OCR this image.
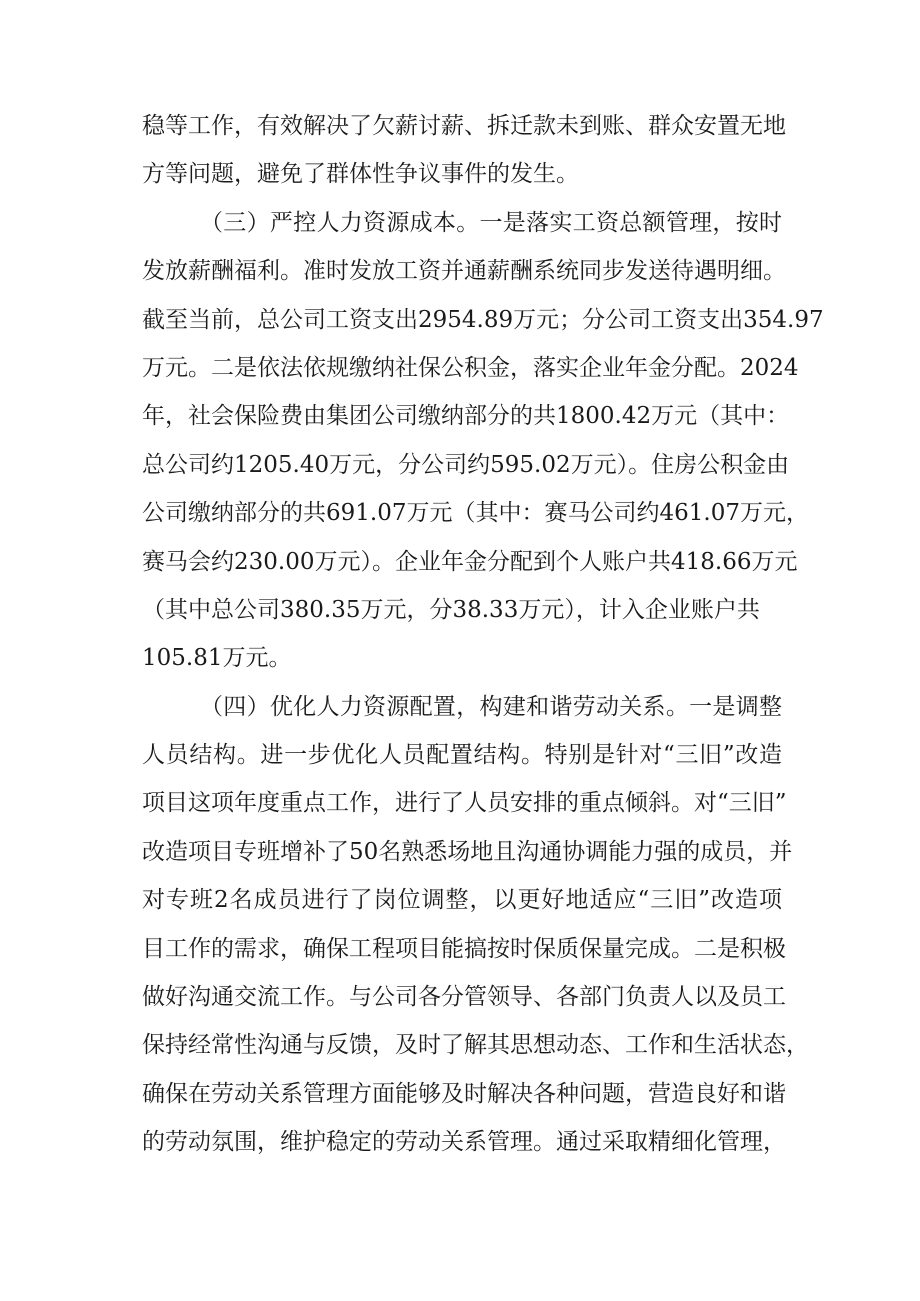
稳等工作，有效解决了欠薪讨薪、拆迁款未到账、群众安置无地
方等问题，避免了群体性争议事件的发生。
（三）严控人力资源成本。一是落实工资总额管理，按时
发放薪酬福利。准时发放工资并通薪酬系统同步发送待遇明细。
截至当前，总公司工资支出2954.89万元；分公司工资支出354.97
万元。二是依法依规缴纳社保公积金，落实企业年金分配。2024
年，社会保险费由集团公司缴纳部分的共1800.42万元（其中：
总公司约1205.40万元，分公司约595.02万元）。住房公积金由
公司缴纳部分的共691.07万元（其中：赛马公司约461.07万元，
赛马会约230.00万元）。企业年金分配到个人账户共418.66万元
（其中总公司380.35万元，分38.33万元），计入企业账户共
105.81万元。
（四）优化人力资源配置，构建和谐劳动关系。一是调整
人员结构。进一步优化人员配置结构。特别是针对“三旧”改造
项目这项年度重点工作，进行了人员安排的重点倾斜。对“三旧”
改造项目专班增补了50名熟悉场地且沟通协调能力强的成员，并
对专班2名成员进行了岗位调整，以更好地适应“三旧”改造项
目工作的需求，确保工程项目能搞按时保质保量完成。二是积极
做好沟通交流工作。与公司各分管领导、各部门负责人以及员工
保持经常性沟通与反馈，及时了解其思想动态、工作和生活状态，
确保在劳动关系管理方面能够及时解决各种问题，营造良好和谐
的劳动氛围，维护稳定的劳动关系管理。通过采取精细化管理，
